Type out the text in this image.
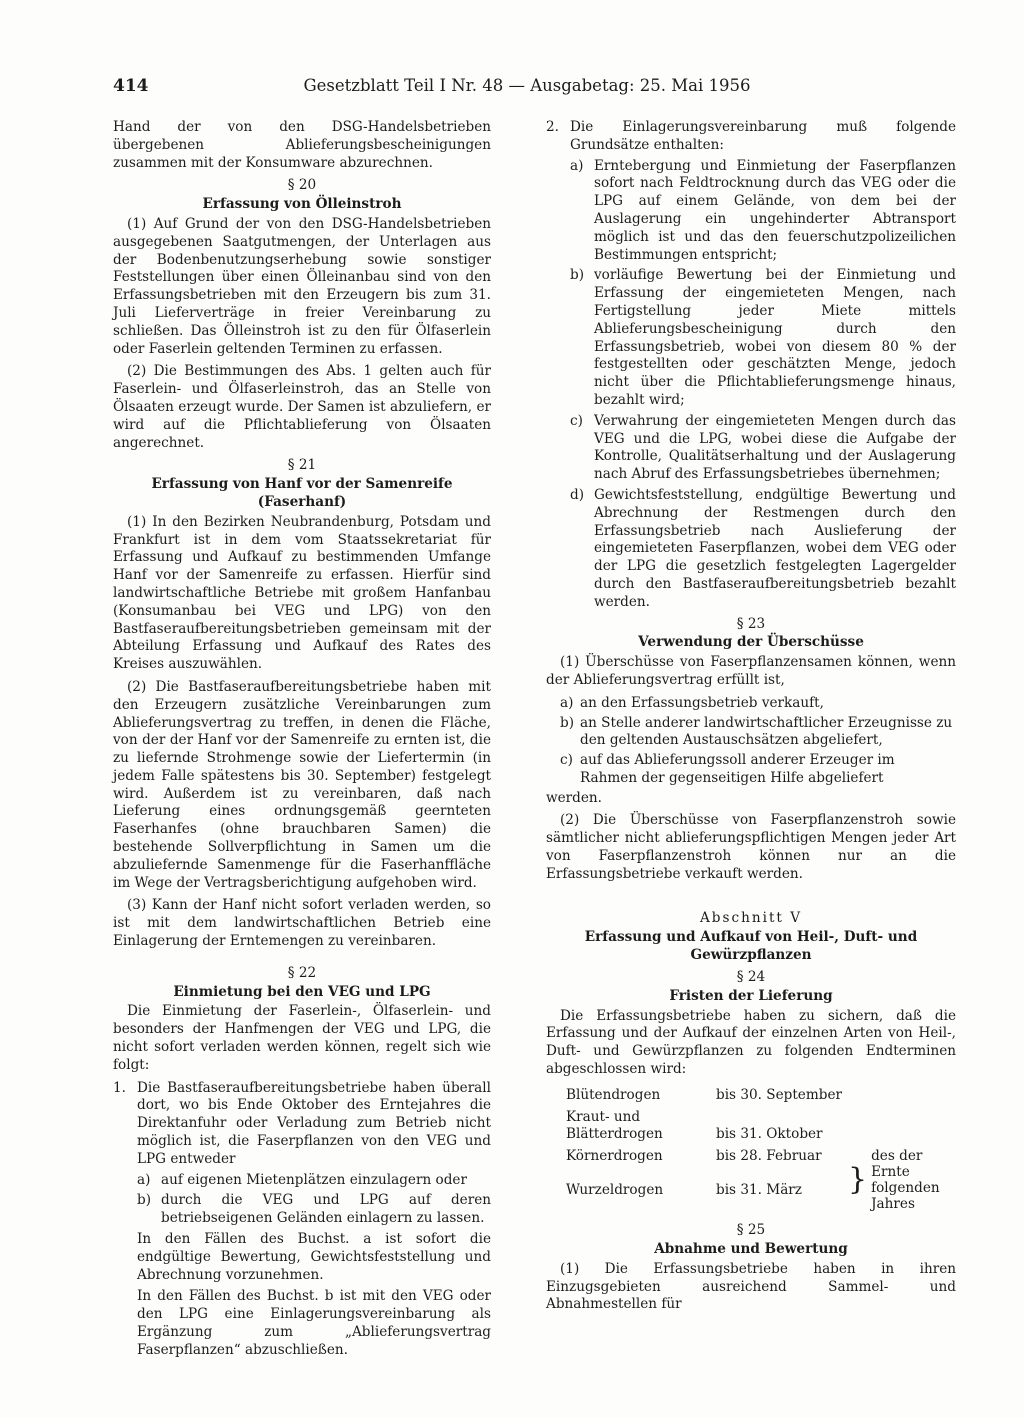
414	Gesetzblatt Teil I Nr. 48 — Ausgabetag: 25. Mai 1956

Hand der von den DSG-Handelsbetrieben übergebenen Ablieferungsbescheinigungen zusammen mit der Konsumware abzurechnen.

§ 20
Erfassung von Ölleinstroh

(1) Auf Grund der von den DSG-Handelsbetrieben ausgegebenen Saatgutmengen, der Unterlagen aus der Bodenbenutzungserhebung sowie sonstiger Feststellungen über einen Ölleinanbau sind von den Erfassungsbetrieben mit den Erzeugern bis zum 31. Juli Lieferverträge in freier Vereinbarung zu schließen. Das Ölleinstroh ist zu den für Ölfaserlein oder Faserlein geltenden Terminen zu erfassen.

(2) Die Bestimmungen des Abs. 1 gelten auch für Faserlein- und Ölfaserleinstroh, das an Stelle von Ölsaaten erzeugt wurde. Der Samen ist abzuliefern, er wird auf die Pflichtablieferung von Ölsaaten angerechnet.

§ 21
Erfassung von Hanf vor der Samenreife (Faserhanf)

(1) In den Bezirken Neubrandenburg, Potsdam und Frankfurt ist in dem vom Staatssekretariat für Erfassung und Aufkauf zu bestimmenden Umfange Hanf vor der Samenreife zu erfassen. Hierfür sind landwirtschaftliche Betriebe mit großem Hanfanbau (Konsumanbau bei VEG und LPG) von den Bastfaseraufbereitungsbetrieben gemeinsam mit der Abteilung Erfassung und Aufkauf des Rates des Kreises auszuwählen.

(2) Die Bastfaseraufbereitungsbetriebe haben mit den Erzeugern zusätzliche Vereinbarungen zum Ablieferungsvertrag zu treffen, in denen die Fläche, von der der Hanf vor der Samenreife zu ernten ist, die zu liefernde Strohmenge sowie der Liefertermin (in jedem Falle spätestens bis 30. September) festgelegt wird. Außerdem ist zu vereinbaren, daß nach Lieferung eines ordnungsgemäß geernteten Faserhanfes (ohne brauchbaren Samen) die bestehende Sollverpflichtung in Samen um die abzuliefernde Samenmenge für die Faserhanffläche im Wege der Vertragsberichtigung aufgehoben wird.

(3) Kann der Hanf nicht sofort verladen werden, so ist mit dem landwirtschaftlichen Betrieb eine Einlagerung der Erntemengen zu vereinbaren.

§ 22
Einmietung bei den VEG und LPG

Die Einmietung der Faserlein-, Ölfaserlein- und besonders der Hanfmengen der VEG und LPG, die nicht sofort verladen werden können, regelt sich wie folgt:

1. Die Bastfaseraufbereitungsbetriebe haben überall dort, wo bis Ende Oktober des Erntejahres die Direktanfuhr oder Verladung zum Betrieb nicht möglich ist, die Faserpflanzen von den VEG und LPG entweder
a) auf eigenen Mietenplätzen einzulagern oder
b) durch die VEG und LPG auf deren betriebseigenen Geländen einlagern zu lassen.

In den Fällen des Buchst. a ist sofort die endgültige Bewertung, Gewichtsfeststellung und Abrechnung vorzunehmen.

In den Fällen des Buchst. b ist mit den VEG oder den LPG eine Einlagerungsvereinbarung als Ergänzung zum „Ablieferungsvertrag Faserpflanzen“ abzuschließen.

2. Die Einlagerungsvereinbarung muß folgende Grundsätze enthalten:
a) Erntebergung und Einmietung der Faserpflanzen sofort nach Feldtrocknung durch das VEG oder die LPG auf einem Gelände, von dem bei der Auslagerung ein ungehinderter Abtransport möglich ist und das den feuerschutzpolizeilichen Bestimmungen entspricht;
b) vorläufige Bewertung bei der Einmietung und Erfassung der eingemieteten Mengen, nach Fertigstellung jeder Miete mittels Ablieferungsbescheinigung durch den Erfassungsbetrieb, wobei von diesem 80 % der festgestellten oder geschätzten Menge, jedoch nicht über die Pflichtablieferungsmenge hinaus, bezahlt wird;
c) Verwahrung der eingemieteten Mengen durch das VEG und die LPG, wobei diese die Aufgabe der Kontrolle, Qualitätserhaltung und der Auslagerung nach Abruf des Erfassungsbetriebes übernehmen;
d) Gewichtsfeststellung, endgültige Bewertung und Abrechnung der Restmengen durch den Erfassungsbetrieb nach Auslieferung der eingemieteten Faserpflanzen, wobei dem VEG oder der LPG die gesetzlich festgelegten Lagergelder durch den Bastfaseraufbereitungsbetrieb bezahlt werden.
§ 23
Verwendung der Überschüsse

(1) Überschüsse von Faserpflanzensamen können, wenn der Ablieferungsvertrag erfüllt ist,

a) an den Erfassungsbetrieb verkauft,
b) an Stelle anderer landwirtschaftlicher Erzeugnisse zu den geltenden Austauschsätzen abgeliefert,
c) auf das Ablieferungssoll anderer Erzeuger im Rahmen der gegenseitigen Hilfe abgeliefert

werden.

(2) Die Überschüsse von Faserpflanzenstroh sowie sämtlicher nicht ablieferungspflichtigen Mengen jeder Art von Faserpflanzenstroh können nur an die Erfassungsbetriebe verkauft werden.

Abschnitt V
Erfassung und Aufkauf von Heil-, Duft- und Gewürzpflanzen
§ 24
Fristen der Lieferung

Die Erfassungsbetriebe haben zu sichern, daß die Erfassung und der Aufkauf der einzelnen Arten von Heil-, Duft- und Gewürzpflanzen zu folgenden Endterminen abgeschlossen wird:

Blütendrogen	bis 30. September	
Kraut- und Blätterdrogen	bis 31. Oktober	
Körnerdrogen	bis 28. Februar	}
des der Ernte folgenden Jahres

Wurzeldrogen	bis 31. März	
§ 25
Abnahme und Bewertung

(1) Die Erfassungsbetriebe haben in ihren Einzugsgebieten ausreichend Sammel- und Abnahmestellen für
